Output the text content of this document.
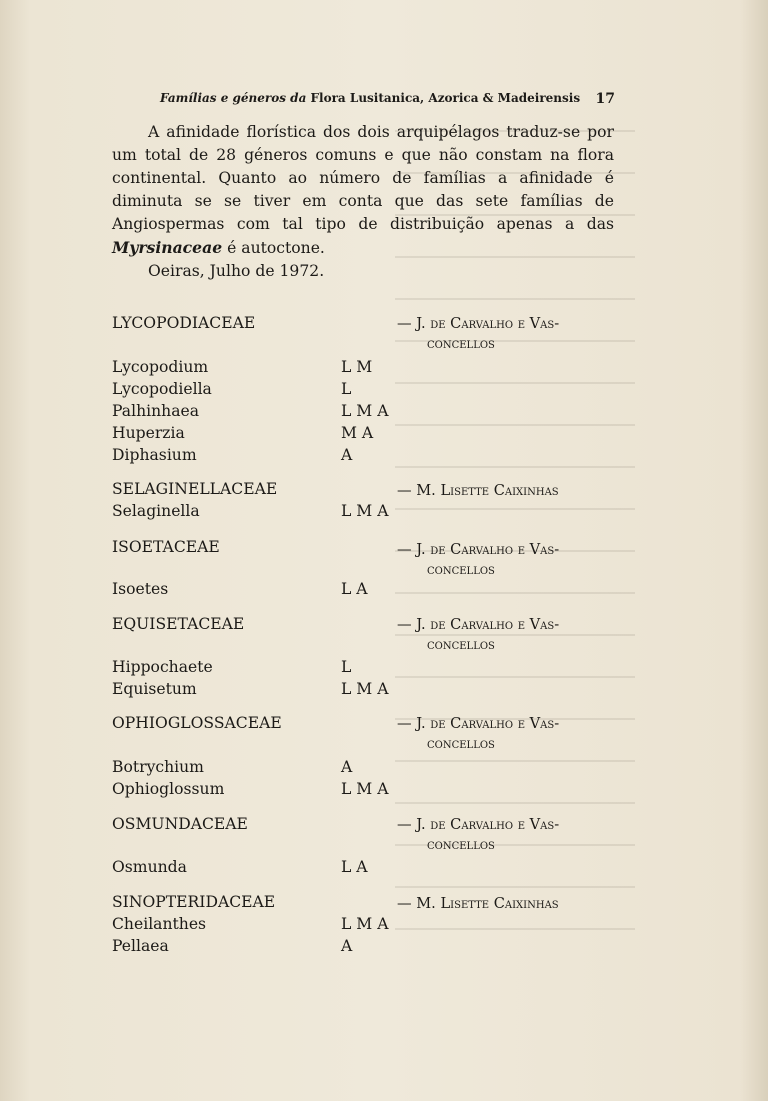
Famílias e géneros da Flora Lusitanica, Azorica & Madeirensis 17

A afinidade florística dos dois arquipélagos traduz-se por um total de 28 géneros comuns e que não constam na flora continental. Quanto ao número de famílias a afinidade é diminuta se se tiver em conta que das sete famílias de Angiospermas com tal tipo de distribuição apenas a das Myrsinaceae é autoctone.

Oeiras, Julho de 1972.

LYCOPODIACEAE	— J. de Carvalho e Vas-
concellos
Lycopodium	L M
Lycopodiella	L
Palhinhaea	L M A
Huperzia	M A
Diphasium	A
SELAGINELLACEAE	— M. Lisette Caixinhas
Selaginella	L M A
ISOETACEAE	— J. de Carvalho e Vas-
concellos
Isoetes	L A
EQUISETACEAE	— J. de Carvalho e Vas-
concellos
Hippochaete	L
Equisetum	L M A
OPHIOGLOSSACEAE	— J. de Carvalho e Vas-
concellos
Botrychium	A
Ophioglossum	L M A
OSMUNDACEAE	— J. de Carvalho e Vas-
concellos
Osmunda	L A
SINOPTERIDACEAE	— M. Lisette Caixinhas
Cheilanthes	L M A
Pellaea	A
